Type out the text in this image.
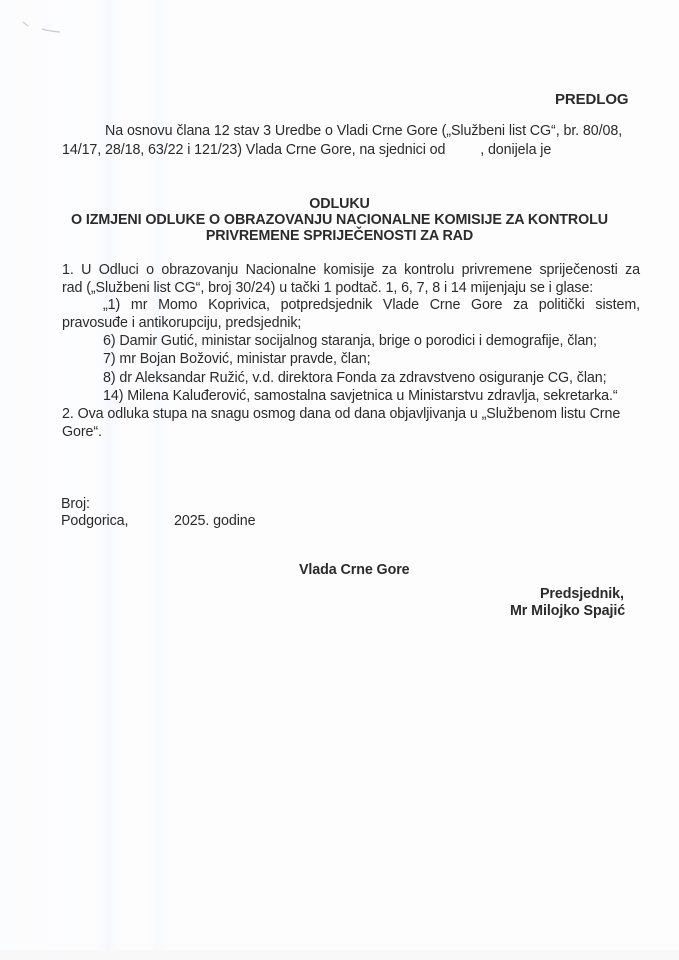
PREDLOG
Na osnovu člana 12 stav 3 Uredbe o Vladi Crne Gore („Službeni list CG“, br. 80/08,
14/17, 28/18, 63/22 i 121/23) Vlada Crne Gore, na sjednici od         , donijela je
ODLUKU
O IZMJENI ODLUKE O OBRAZOVANJU NACIONALNE KOMISIJE ZA KONTROLU
PRIVREMENE SPRIJEČENOSTI ZA RAD
1. U Odluci o obrazovanju Nacionalne komisije za kontrolu privremene spriječenosti za
rad („Službeni list CG“, broj 30/24) u tački 1 podtač. 1, 6, 7, 8 i 14 mijenjaju se i glase:
„1) mr Momo Koprivica, potpredsjednik Vlade Crne Gore za politički sistem,
pravosuđe i antikorupciju, predsjednik;
6) Damir Gutić, ministar socijalnog staranja, brige o porodici i demografije, član;
7) mr Bojan Božović, ministar pravde, član;
8) dr Aleksandar Ružić, v.d. direktora Fonda za zdravstveno osiguranje CG, član;
14) Milena Kaluđerović, samostalna savjetnica u Ministarstvu zdravlja, sekretarka.“
2. Ova odluka stupa na snagu osmog dana od dana objavljivanja u „Službenom listu Crne
Gore“.
Broj:
Podgorica,	2025. godine
Vlada Crne Gore
Predsjednik,
Mr Milojko Spajić
